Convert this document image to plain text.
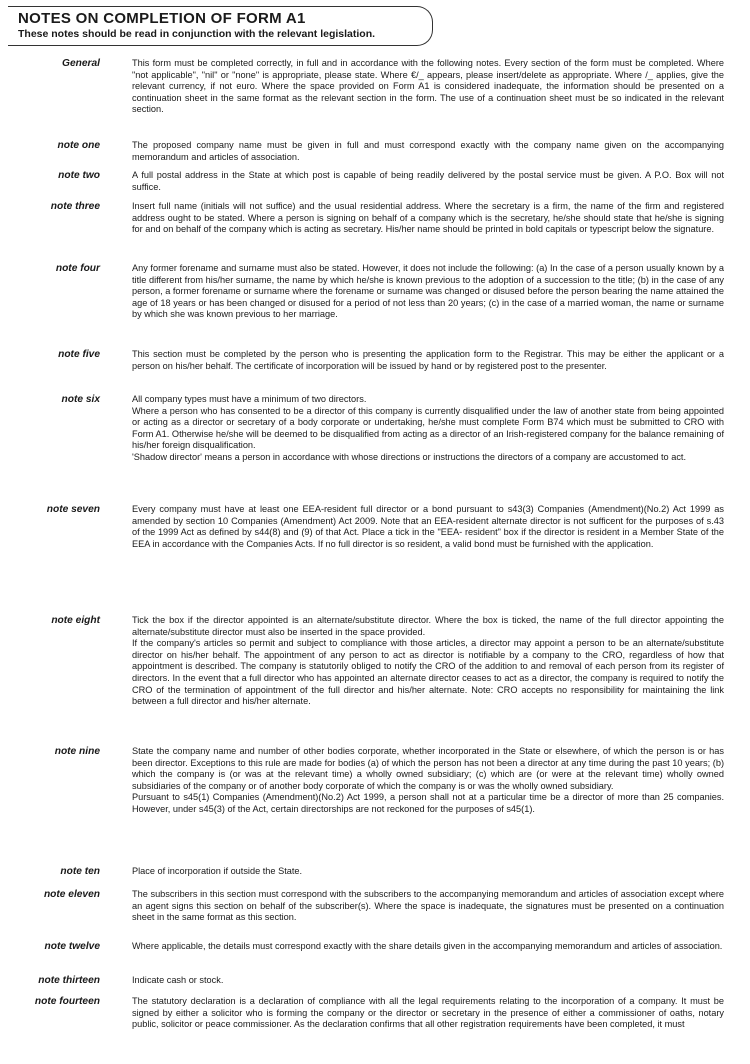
NOTES ON COMPLETION OF FORM A1
These notes should be read in conjunction with the relevant legislation.
General	This form must be completed correctly, in full and in accordance with the following notes. Every section of the form must be completed. Where "not applicable", "nil" or "none" is appropriate, please state. Where €/_ appears, please insert/delete as appropriate. Where /_ applies, give the relevant currency, if not euro. Where the space provided on Form A1 is considered inadequate, the information should be presented on a continuation sheet in the same format as the relevant section in the form. The use of a continuation sheet must be so indicated in the relevant section.
note one	The proposed company name must be given in full and must correspond exactly with the company name given on the accompanying memorandum and articles of association.
note two	A full postal address in the State at which post is capable of being readily delivered by the postal service must be given. A P.O. Box will not suffice.
note three	Insert full name (initials will not suffice) and the usual residential address. Where the secretary is a firm, the name of the firm and registered address ought to be stated. Where a person is signing on behalf of a company which is the secretary, he/she should state that he/she is signing for and on behalf of the company which is acting as secretary. His/her name should be printed in bold capitals or typescript below the signature.
note four	Any former forename and surname must also be stated. However, it does not include the following: (a) In the case of a person usually known by a title different from his/her surname, the name by which he/she is known previous to the adoption of a succession to the title; (b) in the case of any person, a former forename or surname where the forename or surname was changed or disused before the person bearing the name attained the age of 18 years or has been changed or disused for a period of not less than 20 years; (c) in the case of a married woman, the name or surname by which she was known previous to her marriage.
note five	This section must be completed by the person who is presenting the application form to the Registrar. This may be either the applicant or a person on his/her behalf. The certificate of incorporation will be issued by hand or by registered post to the presenter.
note six	All company types must have a minimum of two directors.
Where a person who has consented to be a director of this company is currently disqualified under the law of another state from being appointed or acting as a director or secretary of a body corporate or undertaking, he/she must complete Form B74 which must be submitted to CRO with Form A1. Otherwise he/she will be deemed to be disqualified from acting as a director of an Irish-registered company for the balance remaining of his/her foreign disqualification.
'Shadow director' means a person in accordance with whose directions or instructions the directors of a company are accustomed to act.
note seven	Every company must have at least one EEA-resident full director or a bond pursuant to s43(3) Companies (Amendment)(No.2) Act 1999 as amended by section 10 Companies (Amendment) Act 2009. Note that an EEA-resident alternate director is not sufficent for the purposes of s.43 of the 1999 Act as defined by s44(8) and (9) of that Act. Place a tick in the "EEA- resident" box if the director is resident in a Member State of the EEA in accordance with the Companies Acts. If no full director is so resident, a valid bond must be furnished with the application.
note eight	Tick the box if the director appointed is an alternate/substitute director. Where the box is ticked, the name of the full director appointing the alternate/substitute director must also be inserted in the space provided.
If the company's articles so permit and subject to compliance with those articles, a director may appoint a person to be an alternate/substitute director on his/her behalf. The appointment of any person to act as director is notifiable by a company to the CRO, regardless of how that appointment is described. The company is statutorily obliged to notify the CRO of the addition to and removal of each person from its register of directors. In the event that a full director who has appointed an alternate director ceases to act as a director, the company is required to notify the CRO of the termination of appointment of the full director and his/her alternate. Note: CRO accepts no responsibility for maintaining the link between a full director and his/her alternate.
note nine	State the company name and number of other bodies corporate, whether incorporated in the State or elsewhere, of which the person is or has been director. Exceptions to this rule are made for bodies (a) of which the person has not been a director at any time during the past 10 years; (b) which the company is (or was at the relevant time) a wholly owned subsidiary; (c) which are (or were at the relevant time) wholly owned subsidiaries of the company or of another body corporate of which the company is or was the wholly owned subsidiary.
Pursuant to s45(1) Companies (Amendment)(No.2) Act 1999, a person shall not at a particular time be a director of more than 25 companies. However, under s45(3) of the Act, certain directorships are not reckoned for the purposes of s45(1).
note ten	Place of incorporation if outside the State.
note eleven	The subscribers in this section must correspond with the subscribers to the accompanying memorandum and articles of association except where an agent signs this section on behalf of the subscriber(s). Where the space is inadequate, the signatures must be presented on a continuation sheet in the same format as this section.
note twelve	Where applicable, the details must correspond exactly with the share details given in the accompanying memorandum and articles of association.
note thirteen	Indicate cash or stock.
note fourteen	The statutory declaration is a declaration of compliance with all the legal requirements relating to the incorporation of a company. It must be signed by either a solicitor who is forming the company or the director or secretary in the presence of either a commissioner of oaths, notary public, solicitor or peace commissioner. As the declaration confirms that all other registration requirements have been completed, it must
